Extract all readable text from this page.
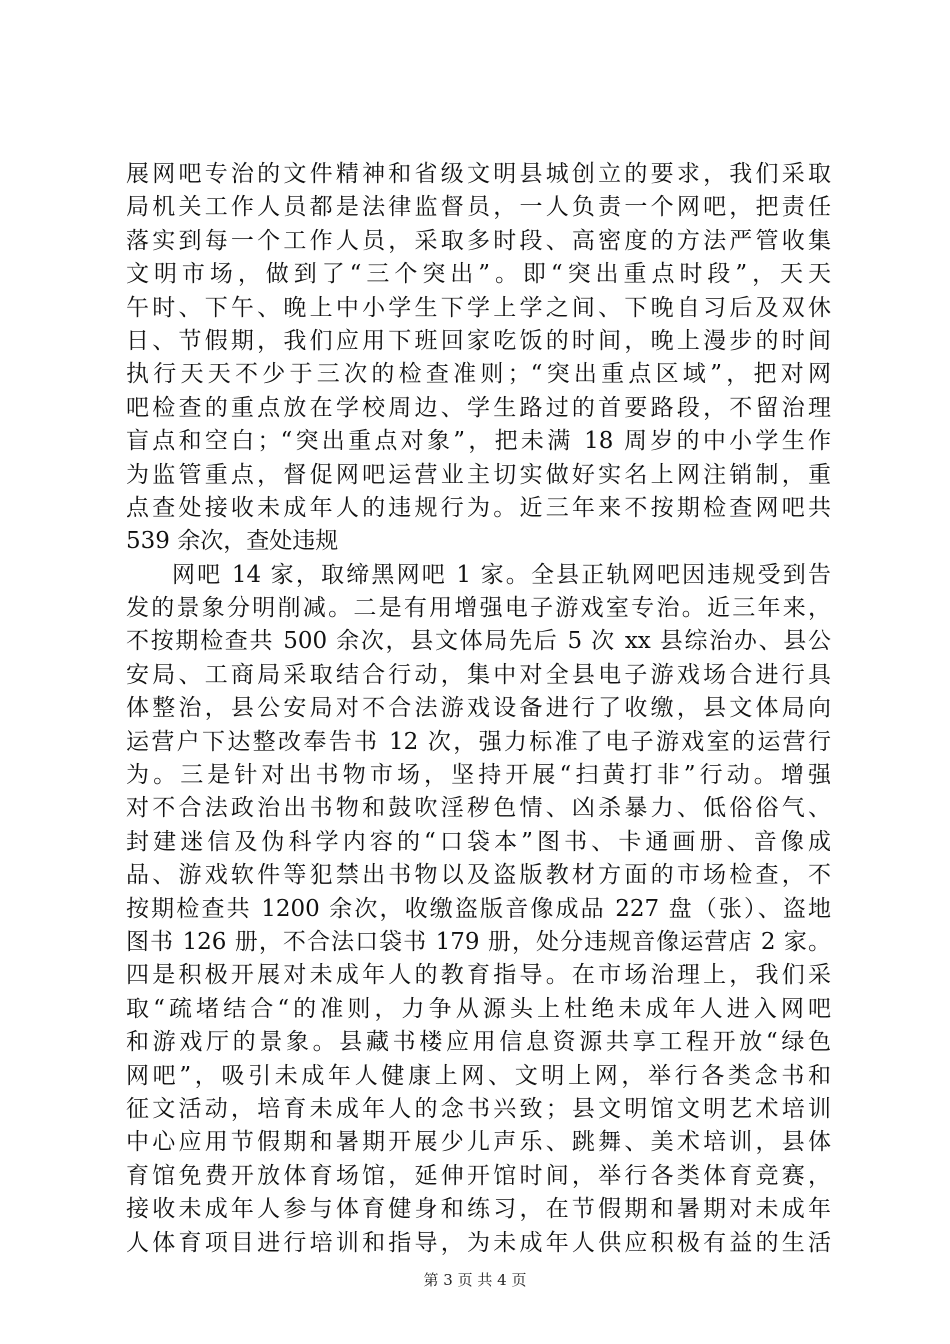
展网吧专治的文件精神和省级文明县城创立的要求，我们采取
局机关工作人员都是法律监督员，一人负责一个网吧，把责任
落实到每一个工作人员，采取多时段、高密度的方法严管收集
文明市场，做到了“三个突出”。即“突出重点时段”，天天
午时、下午、晚上中小学生下学上学之间、下晚自习后及双休
日、节假期，我们应用下班回家吃饭的时间，晚上漫步的时间
执行天天不少于三次的检查准则；“突出重点区域”，把对网
吧检查的重点放在学校周边、学生路过的首要路段，不留治理
盲点和空白；“突出重点对象”，把未满 18 周岁的中小学生作
为监管重点，督促网吧运营业主切实做好实名上网注销制，重
点查处接收未成年人的违规行为。近三年来不按期检查网吧共
539 余次，查处违规
网吧 14 家，取缔黑网吧 1 家。全县正轨网吧因违规受到告
发的景象分明削减。二是有用增强电子游戏室专治。近三年来，
不按期检查共 500 余次，县文体局先后 5 次 xx 县综治办、县公
安局、工商局采取结合行动，集中对全县电子游戏场合进行具
体整治，县公安局对不合法游戏设备进行了收缴，县文体局向
运营户下达整改奉告书 12 次，强力标准了电子游戏室的运营行
为。三是针对出书物市场，坚持开展“扫黄打非”行动。增强
对不合法政治出书物和鼓吹淫秽色情、凶杀暴力、低俗俗气、
封建迷信及伪科学内容的“口袋本”图书、卡通画册、音像成
品、游戏软件等犯禁出书物以及盗版教材方面的市场检查，不
按期检查共 1200 余次，收缴盗版音像成品 227 盘（张）、盗地
图书 126 册，不合法口袋书 179 册，处分违规音像运营店 2 家。
四是积极开展对未成年人的教育指导。在市场治理上，我们采
取“疏堵结合“的准则，力争从源头上杜绝未成年人进入网吧
和游戏厅的景象。县藏书楼应用信息资源共享工程开放“绿色
网吧”，吸引未成年人健康上网、文明上网，举行各类念书和
征文活动，培育未成年人的念书兴致；县文明馆文明艺术培训
中心应用节假期和暑期开展少儿声乐、跳舞、美术培训，县体
育馆免费开放体育场馆，延伸开馆时间，举行各类体育竞赛，
接收未成年人参与体育健身和练习，在节假期和暑期对未成年
人体育项目进行培训和指导，为未成年人供应积极有益的生活
第 3 页 共 4 页
